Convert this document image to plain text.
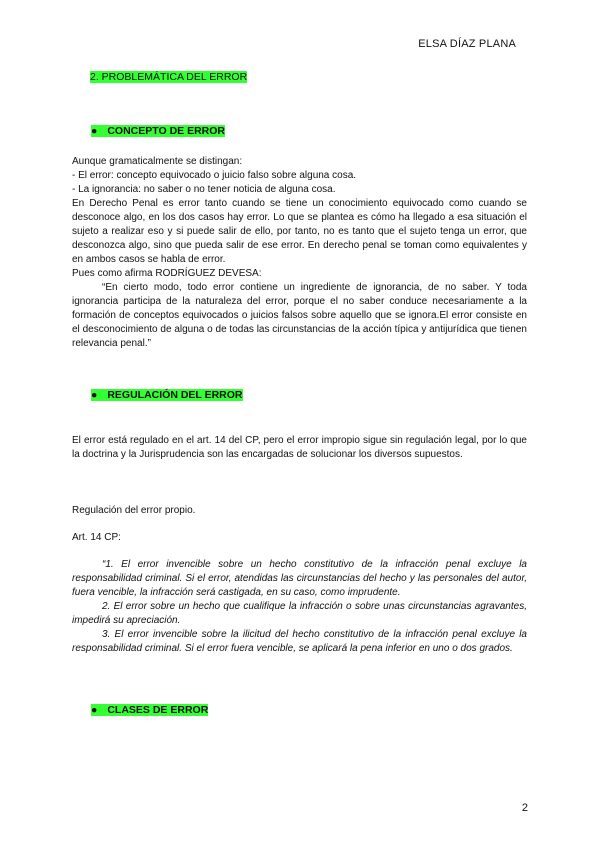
ELSA DÍAZ PLANA
2. PROBLEMÁTICA DEL ERROR
● CONCEPTO DE ERROR

Aunque gramaticalmente se distingan:

- El error: concepto equivocado o juicio falso sobre alguna cosa.

- La ignorancia: no saber o no tener noticia de alguna cosa.

En Derecho Penal es error tanto cuando se tiene un conocimiento equivocado como cuando se desconoce algo, en los dos casos hay error. Lo que se plantea es cómo ha llegado a esa situación el sujeto a realizar eso y si puede salir de ello, por tanto, no es tanto que el sujeto tenga un error, que desconozca algo, sino que pueda salir de ese error. En derecho penal se toman como equivalentes y en ambos casos se habla de error.

Pues como afirma RODRÍGUEZ DEVESA:

“En cierto modo, todo error contiene un ingrediente de ignorancia, de no saber. Y toda ignorancia participa de la naturaleza del error, porque el no saber conduce necesariamente a la formación de conceptos equivocados o juicios falsos sobre aquello que se ignora.El error consiste en el desconocimiento de alguna o de todas las circunstancias de la acción típica y antijurídica que tienen relevancia penal.”

● REGULACIÓN DEL ERROR
El error está regulado en el art. 14 del CP, pero el error impropio sigue sin regulación legal, por lo que la doctrina y la Jurisprudencia son las encargadas de solucionar los diversos supuestos.
Regulación del error propio.
Art. 14 CP:

“1. El error invencible sobre un hecho constitutivo de la infracción penal excluye la responsabilidad criminal. Si el error, atendidas las circunstancias del hecho y las personales del autor, fuera vencible, la infracción será castigada, en su caso, como imprudente.

2. El error sobre un hecho que cualifique la infracción o sobre unas circunstancias agravantes, impedirá su apreciación.

3. El error invencible sobre la ilicitud del hecho constitutivo de la infracción penal excluye la responsabilidad criminal. Si el error fuera vencible, se aplicará la pena inferior en uno o dos grados.

● CLASES DE ERROR
2
